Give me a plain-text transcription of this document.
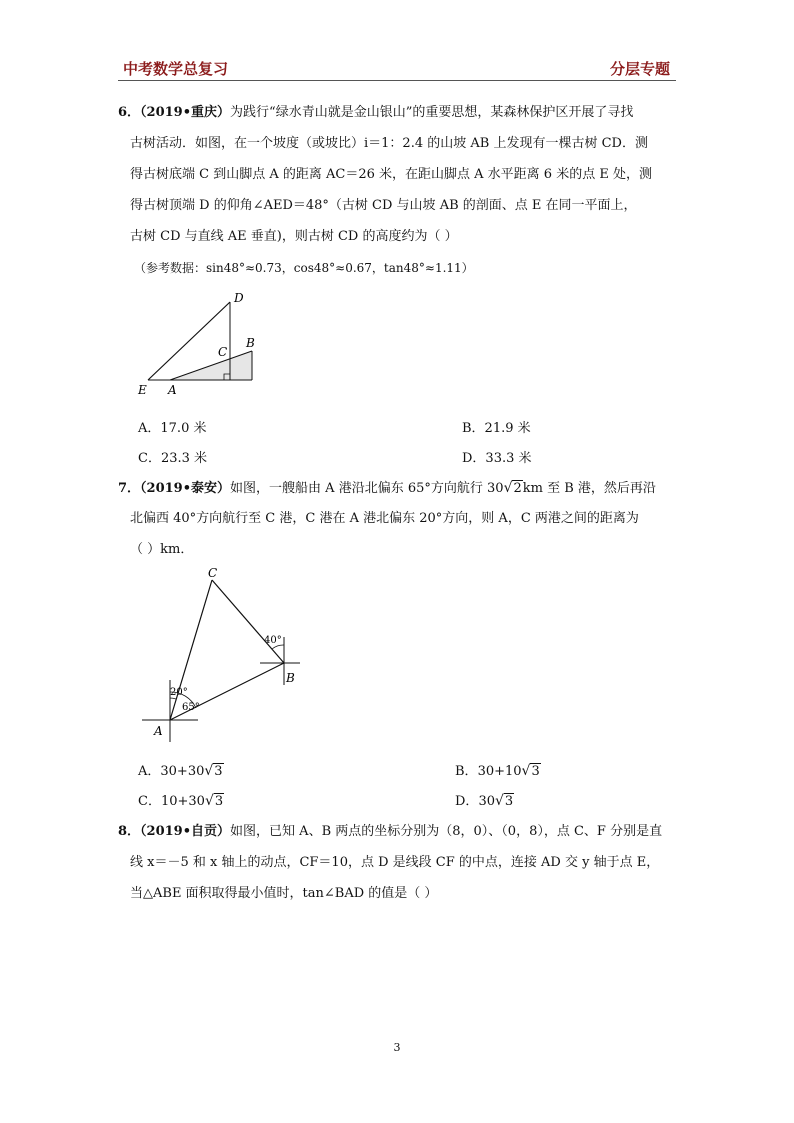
中考数学总复习	分层专题
6．（2019•重庆）为践行“绿水青山就是金山银山”的重要思想，某森林保护区开展了寻找
古树活动．如图，在一个坡度（或坡比）i＝1：2.4 的山坡 AB 上发现有一棵古树 CD．测
得古树底端 C 到山脚点 A 的距离 AC＝26 米，在距山脚点 A 水平距离 6 米的点 E 处，测
得古树顶端 D 的仰角∠AED＝48°（古树 CD 与山坡 AB 的剖面、点 E 在同一平面上，
古树 CD 与直线 AE 垂直)，则古树 CD 的高度约为（ ）
（参考数据：sin48°≈0.73，cos48°≈0.67，tan48°≈1.11）
D
C
B
E A
A．17.0 米	B．21.9 米
C．23.3 米	D．33.3 米
7．（2019•泰安）如图，一艘船由 A 港沿北偏东 65°方向航行 30√2km 至 B 港，然后再沿
北偏西 40°方向航行至 C 港，C 港在 A 港北偏东 20°方向，则 A，C 两港之间的距离为
（ ）km．
C
B
A
40°
20°
65°
A．30+30√3	B．30+10√3
C．10+30√3	D．30√3
8．（2019•自贡）如图，已知 A、B 两点的坐标分别为（8，0）、（0，8），点 C、F 分别是直
线 x＝－5 和 x 轴上的动点，CF＝10，点 D 是线段 CF 的中点，连接 AD 交 y 轴于点 E，
当△ABE 面积取得最小值时，tan∠BAD 的值是（ ）
3
